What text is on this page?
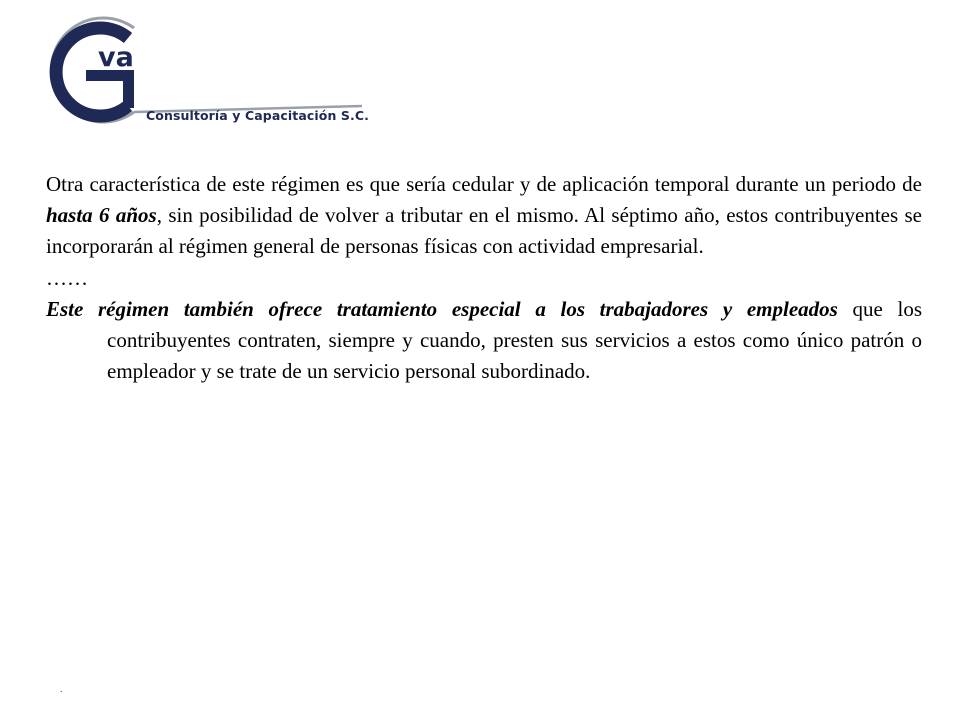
va
Consultoría y Capacitación S.C.

Otra característica de este régimen es que sería cedular y de aplicación temporal durante un periodo de hasta 6 años, sin posibilidad de volver a tributar en el mismo. Al séptimo año, estos contribuyentes se incorporarán al régimen general de personas físicas con actividad empresarial.

……

Este régimen también ofrece tratamiento especial a los trabajadores y empleados que los contribuyentes contraten, siempre y cuando, presten sus servicios a estos como único patrón o empleador y se trate de un servicio personal subordinado.

.
